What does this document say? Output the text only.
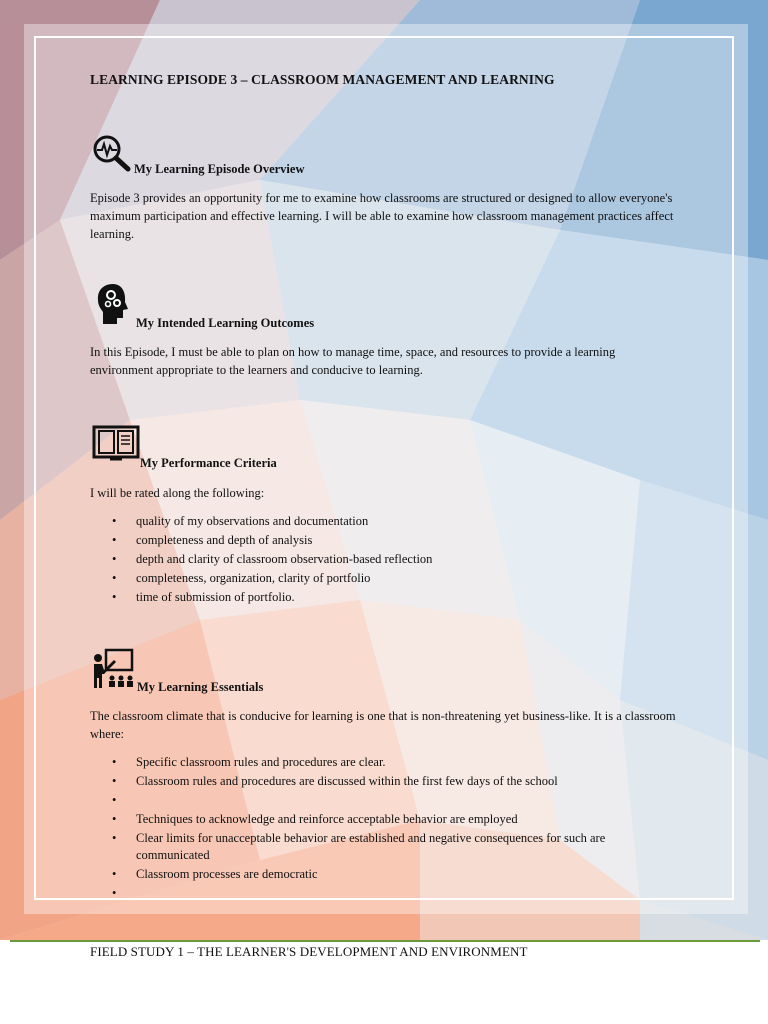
LEARNING EPISODE 3 – CLASSROOM MANAGEMENT AND LEARNING
My Learning Episode Overview
Episode 3 provides an opportunity for me to examine how classrooms are structured or designed to allow everyone's maximum participation and effective learning. I will be able to examine how classroom management practices affect learning.
My Intended Learning Outcomes
In this Episode, I must be able to plan on how to manage time, space, and resources to provide a learning environment appropriate to the learners and conducive to learning.
My Performance Criteria
I will be rated along the following:
• quality of my observations and documentation
• completeness and depth of analysis
• depth and clarity of classroom observation-based reflection
• completeness, organization, clarity of portfolio
• time of submission of portfolio.
My Learning Essentials
The classroom climate that is conducive for learning is one that is non-threatening yet business-like. It is a classroom where:
• Specific classroom rules and procedures are clear.
• Classroom rules and procedures are discussed within the first few days of the school
•
• Techniques to acknowledge and reinforce acceptable behavior are employed
• Clear limits for unacceptable behavior are established and negative consequences for such are communicated
• Classroom processes are democratic
•
FIELD STUDY 1 – THE LEARNER'S DEVELOPMENT AND ENVIRONMENT
